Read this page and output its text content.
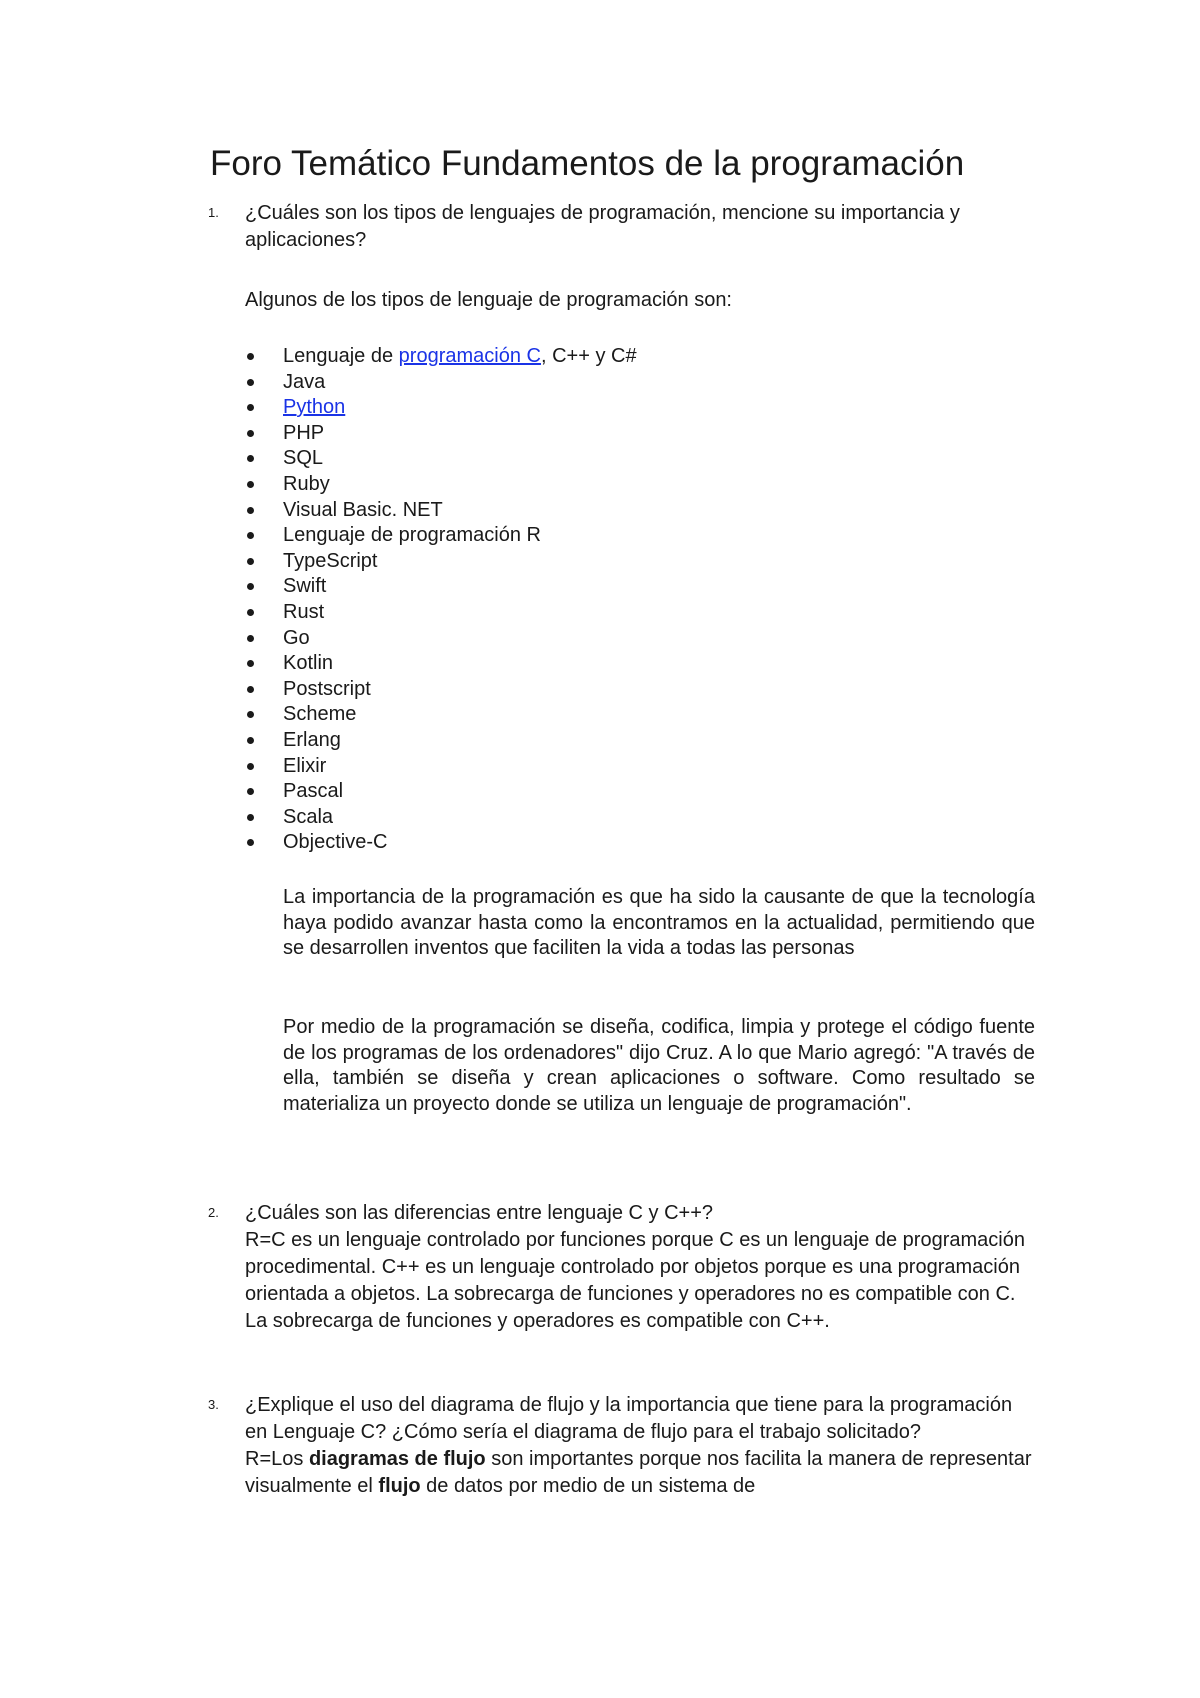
Foro Temático Fundamentos de la programación
1. ¿Cuáles son los tipos de lenguajes de programación, mencione su importancia y aplicaciones?

Algunos de los tipos de lenguaje de programación son:

Lenguaje de programación C, C++ y C#
Java
Python
PHP
SQL
Ruby
Visual Basic. NET
Lenguaje de programación R
TypeScript
Swift
Rust
Go
Kotlin
Postscript
Scheme
Erlang
Elixir
Pascal
Scala
Objective-C

La importancia de la programación es que ha sido la causante de que la tecnología haya podido avanzar hasta como la encontramos en la actualidad, permitiendo que se desarrollen inventos que faciliten la vida a todas las personas

Por medio de la programación se diseña, codifica, limpia y protege el código fuente de los programas de los ordenadores" dijo Cruz. A lo que Mario agregó: "A través de ella, también se diseña y crean aplicaciones o software. Como resultado se materializa un proyecto donde se utiliza un lenguaje de programación".

2. ¿Cuáles son las diferencias entre lenguaje C y C++?

R=C es un lenguaje controlado por funciones porque C es un lenguaje de programación procedimental. C++ es un lenguaje controlado por objetos porque es una programación orientada a objetos. La sobrecarga de funciones y operadores no es compatible con C. La sobrecarga de funciones y operadores es compatible con C++.

3. ¿Explique el uso del diagrama de flujo y la importancia que tiene para la programación en Lenguaje C? ¿Cómo sería el diagrama de flujo para el trabajo solicitado?

R=Los diagramas de flujo son importantes porque nos facilita la manera de representar visualmente el flujo de datos por medio de un sistema de
